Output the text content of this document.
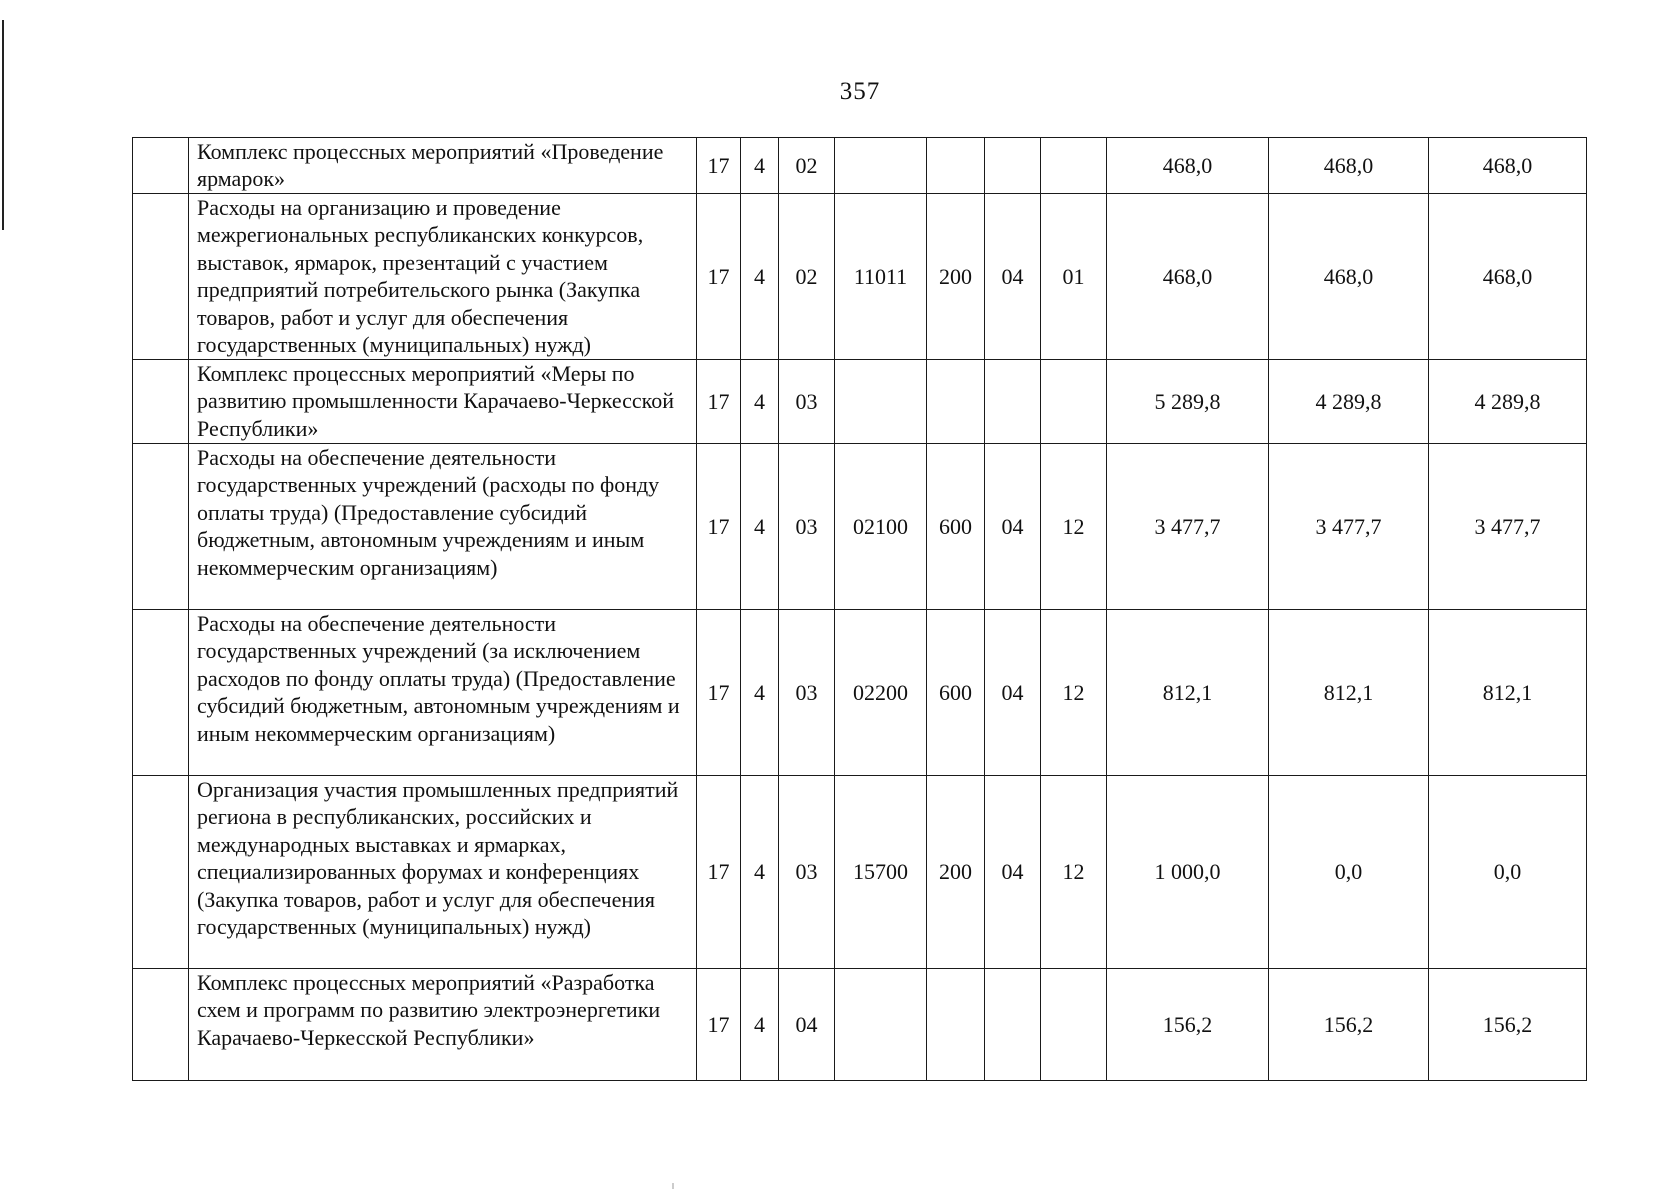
357
	Комплекс процессных мероприятий «Проведение ярмарок»	17	4	02					468,0	468,0	468,0
	Расходы на организацию и проведение межрегиональных республиканских конкурсов, выставок, ярмарок, презентаций с участием предприятий потребительского рынка (Закупка товаров, работ и услуг для обеспечения государственных (муниципальных) нужд)	17	4	02	11011	200	04	01	468,0	468,0	468,0
	Комплекс процессных мероприятий «Меры по развитию промышленности Карачаево-Черкесской Республики»	17	4	03					5 289,8	4 289,8	4 289,8
	Расходы на обеспечение деятельности государственных учреждений (расходы по фонду оплаты труда) (Предоставление субсидий бюджетным, автономным учреждениям и иным некоммерческим организациям)	17	4	03	02100	600	04	12	3 477,7	3 477,7	3 477,7
	Расходы на обеспечение деятельности государственных учреждений (за исключением расходов по фонду оплаты труда) (Предоставление субсидий бюджетным, автономным учреждениям и иным некоммерческим организациям)	17	4	03	02200	600	04	12	812,1	812,1	812,1
	Организация участия промышленных предприятий региона в республиканских, российских и международных выставках и ярмарках, специализированных форумах и конференциях (Закупка товаров, работ и услуг для обеспечения государственных (муниципальных) нужд)	17	4	03	15700	200	04	12	1 000,0	0,0	0,0
	Комплекс процессных мероприятий «Разработка схем и программ по развитию электроэнергетики Карачаево-Черкесской Республики»	17	4	04					156,2	156,2	156,2
